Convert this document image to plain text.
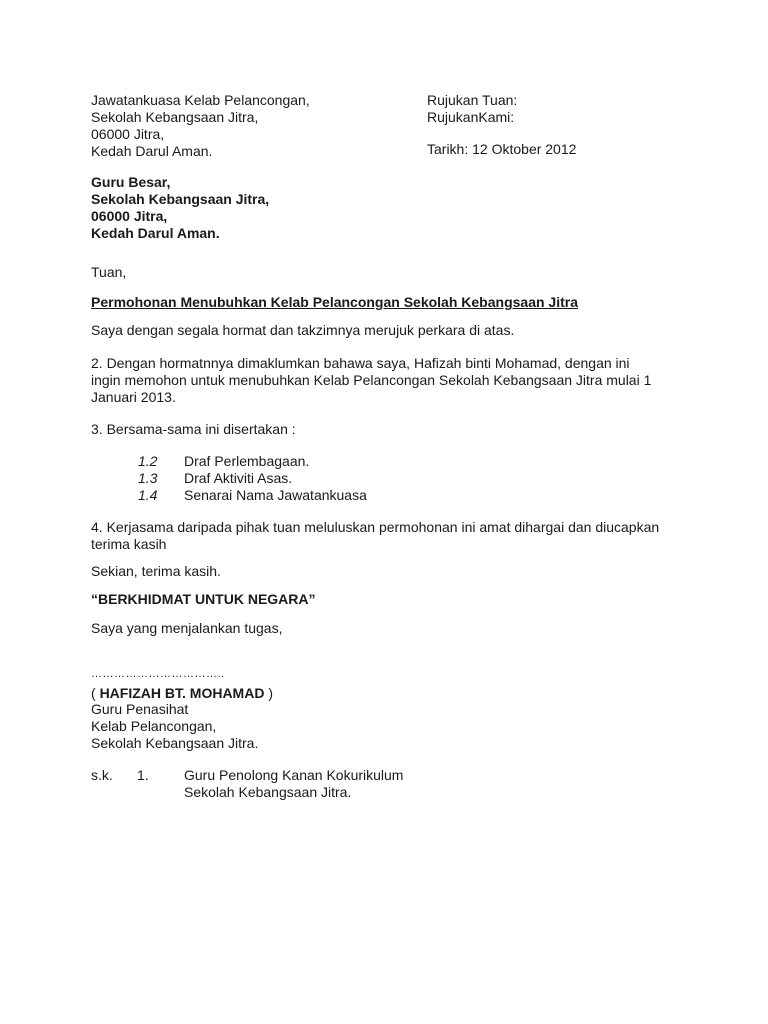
Jawatankuasa Kelab Pelancongan,
Sekolah Kebangsaan Jitra,
06000 Jitra,
Kedah Darul Aman.
Rujukan Tuan:
RujukanKami:
Tarikh: 12 Oktober 2012
Guru Besar,
Sekolah Kebangsaan Jitra,
06000 Jitra,
Kedah Darul Aman.
Tuan,
Permohonan Menubuhkan Kelab Pelancongan Sekolah Kebangsaan Jitra
Saya dengan segala hormat dan takzimnya merujuk perkara di atas.
2. Dengan hormatnnya dimaklumkan bahawa saya, Hafizah binti Mohamad, dengan ini
ingin memohon untuk menubuhkan Kelab Pelancongan Sekolah Kebangsaan Jitra mulai 1
Januari 2013.
3. Bersama-sama ini disertakan :
1.2 Draf Perlembagaan.
1.3 Draf Aktiviti Asas.
1.4 Senarai Nama Jawatankuasa
4. Kerjasama daripada pihak tuan meluluskan permohonan ini amat dihargai dan diucapkan
terima kasih
Sekian, terima kasih.
“BERKHIDMAT UNTUK NEGARA”
Saya yang menjalankan tugas,
……………………………..
( HAFIZAH BT. MOHAMAD )
Guru Penasihat
Kelab Pelancongan,
Sekolah Kebangsaan Jitra.
s.k. 1.	Guru Penolong Kanan Kokurikulum
Sekolah Kebangsaan Jitra.
